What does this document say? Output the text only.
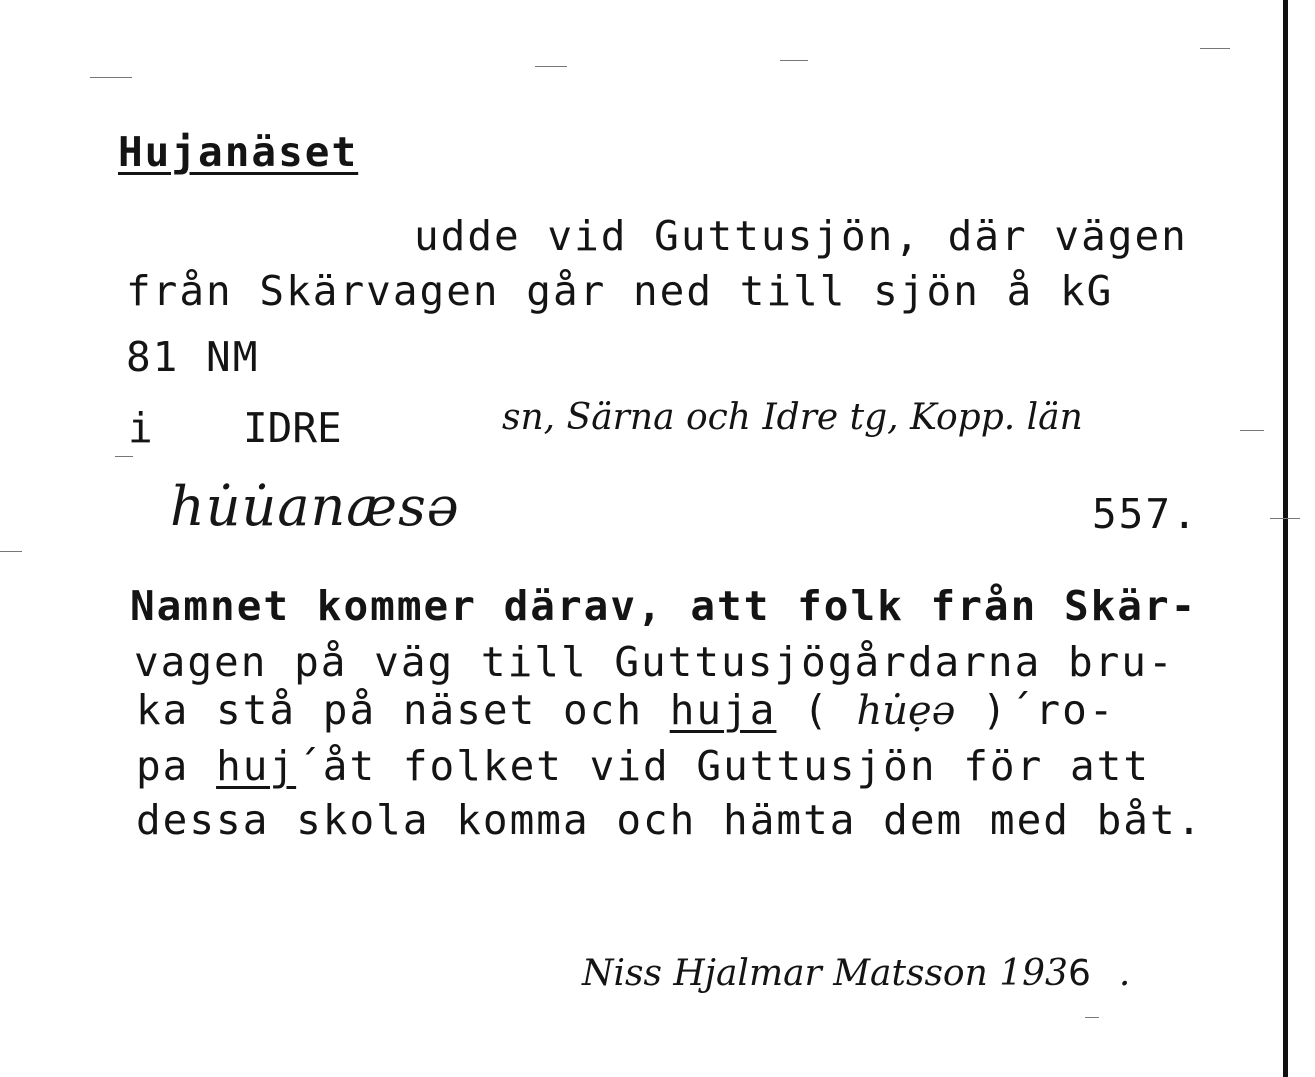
Hujanäset
udde vid Guttusjön, där vägen
från Skärvagen går ned till sjön å kG
81 NM
i IDRE	sn, Särna och Idre tg, Kopp. län
hu̇u̇anæsə	557.
Namnet kommer därav, att folk från Skär-
vagen på väg till Guttusjögårdarna bru-
ka stå på näset och huja ( hu̇ẹə )´ro-
pa huj´åt folket vid Guttusjön för att
dessa skola komma och hämta dem med båt.
Niss Hjalmar Matsson 1936 .
